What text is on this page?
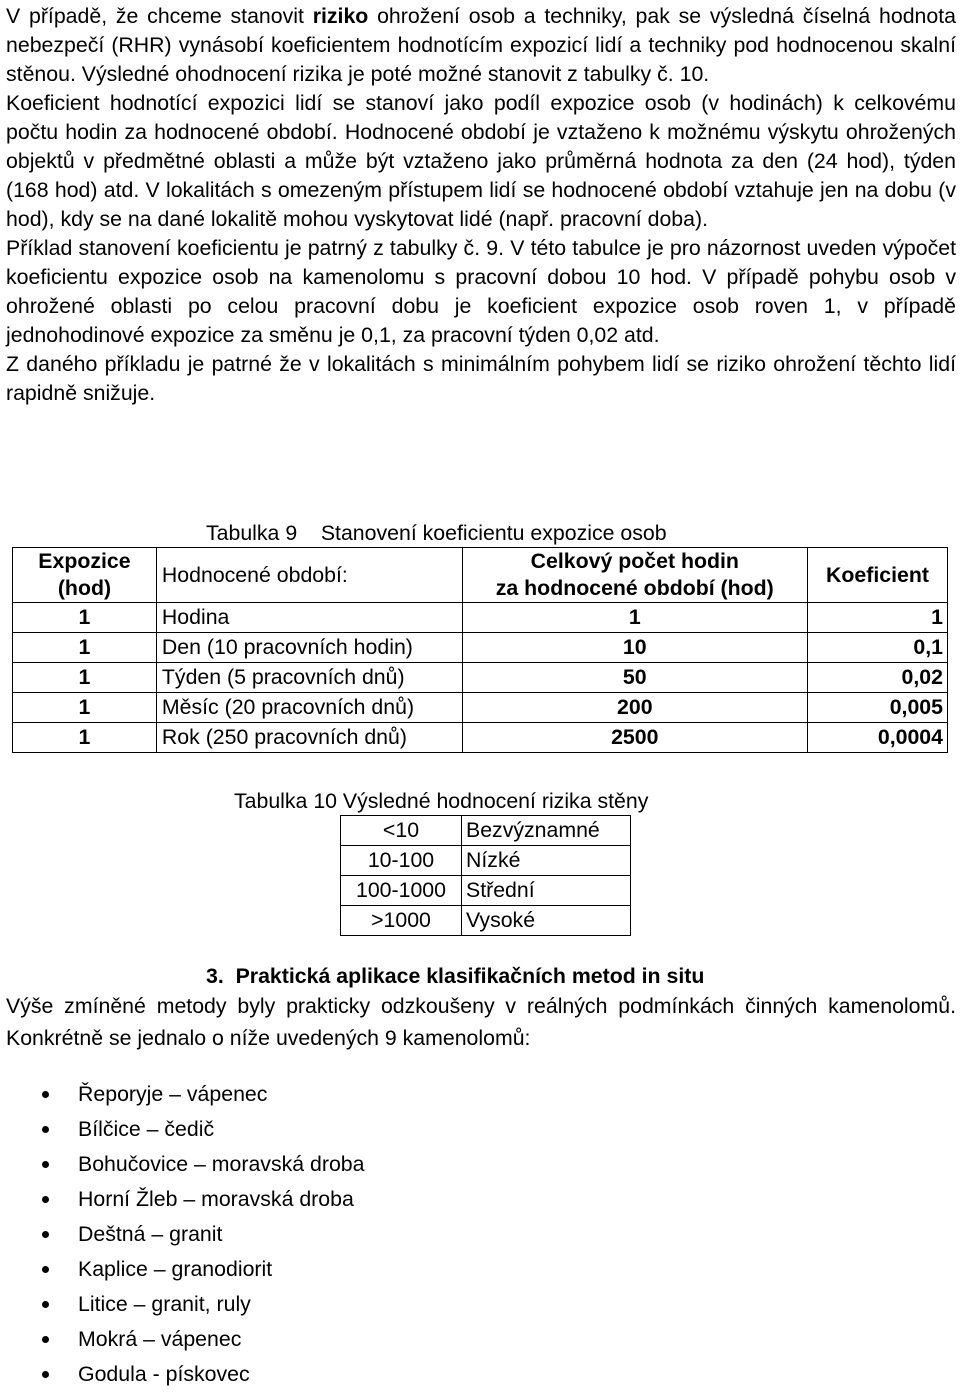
V případě, že chceme stanovit riziko ohrožení osob a techniky, pak se výsledná číselná hodnota nebezpečí (RHR) vynásobí koeficientem hodnotícím expozicí lidí a techniky pod hodnocenou skalní stěnou. Výsledné ohodnocení rizika je poté možné stanovit z tabulky č. 10.

Koeficient hodnotící expozici lidí se stanoví jako podíl expozice osob (v hodinách) k celkovému počtu hodin za hodnocené období. Hodnocené období je vztaženo k možnému výskytu ohrožených objektů v předmětné oblasti a může být vztaženo jako průměrná hodnota za den (24 hod), týden (168 hod) atd. V lokalitách s omezeným přístupem lidí se hodnocené období vztahuje jen na dobu (v hod), kdy se na dané lokalitě mohou vyskytovat lidé (např. pracovní doba).

Příklad stanovení koeficientu je patrný z tabulky č. 9. V této tabulce je pro názornost uveden výpočet koeficientu expozice osob na kamenolomu s pracovní dobou 10 hod. V případě pohybu osob v ohrožené oblasti po celou pracovní dobu je koeficient expozice osob roven 1, v případě jednohodinové expozice za směnu je 0,1, za pracovní týden 0,02 atd.

Z daného příkladu je patrné že v lokalitách s minimálním pohybem lidí se riziko ohrožení těchto lidí rapidně snižuje.

Tabulka 9    Stanovení koeficientu expozice osob
Expozice
(hod)	Hodnocené období:	Celkový počet hodin
za hodnocené období (hod)	Koeficient
1	Hodina	1	1
1	Den (10 pracovních hodin)	10	0,1
1	Týden (5 pracovních dnů)	50	0,02
1	Měsíc (20 pracovních dnů)	200	0,005
1	Rok (250 pracovních dnů)	2500	0,0004
Tabulka 10 Výsledné hodnocení rizika stěny
<10	Bezvýznamné
10-100	Nízké
100-1000	Střední
>1000	Vysoké
3.  Praktická aplikace klasifikačních metod in situ

Výše zmíněné metody byly prakticky odzkoušeny v reálných podmínkách činných kamenolomů. Konkrétně se jednalo o níže uvedených 9 kamenolomů:

Řeporyje – vápenec
Bílčice – čedič
Bohučovice – moravská droba
Horní Žleb – moravská droba
Deštná – granit
Kaplice – granodiorit
Litice – granit, ruly
Mokrá – vápenec
Godula - pískovec
